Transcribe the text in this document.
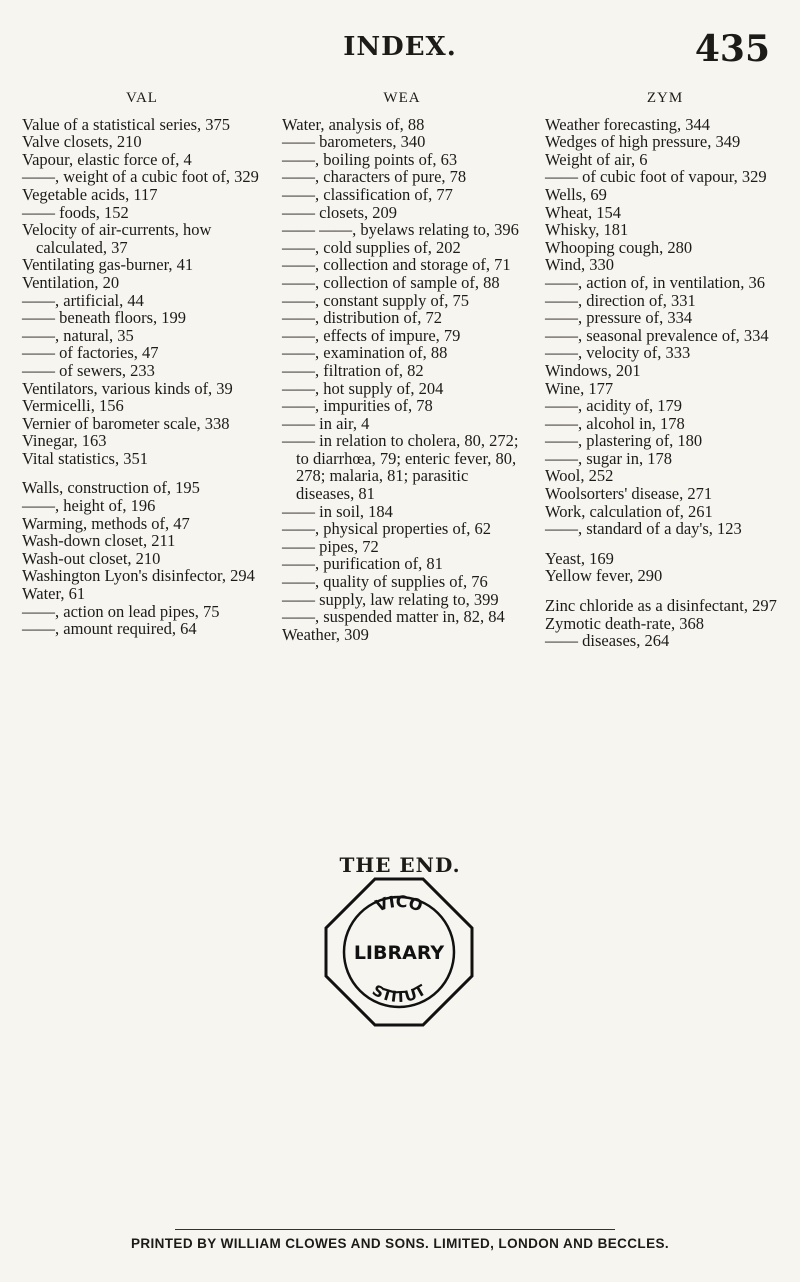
INDEX.	435
VAL

Value of a statistical series, 375

Valve closets, 210

Vapour, elastic force of, 4

——, weight of a cubic foot of, 329

Vegetable acids, 117

—— foods, 152

Velocity of air-currents, how calculated, 37

Ventilating gas-burner, 41

Ventilation, 20

——, artificial, 44

—— beneath floors, 199

——, natural, 35

—— of factories, 47

—— of sewers, 233

Ventilators, various kinds of, 39

Vermicelli, 156

Vernier of barometer scale, 338

Vinegar, 163

Vital statistics, 351

Walls, construction of, 195

——, height of, 196

Warming, methods of, 47

Wash-down closet, 211

Wash-out closet, 210

Washington Lyon's disinfector, 294

Water, 61

——, action on lead pipes, 75

——, amount required, 64

WEA

Water, analysis of, 88

—— barometers, 340

——, boiling points of, 63

——, characters of pure, 78

——, classification of, 77

—— closets, 209

—— ——, byelaws relating to, 396

——, cold supplies of, 202

——, collection and storage of, 71

——, collection of sample of, 88

——, constant supply of, 75

——, distribution of, 72

——, effects of impure, 79

——, examination of, 88

——, filtration of, 82

——, hot supply of, 204

——, impurities of, 78

—— in air, 4

—— in relation to cholera, 80, 272; to diarrhœa, 79; enteric fever, 80, 278; malaria, 81; parasitic diseases, 81

—— in soil, 184

——, physical properties of, 62

—— pipes, 72

——, purification of, 81

——, quality of supplies of, 76

—— supply, law relating to, 399

——, suspended matter in, 82, 84

Weather, 309

ZYM

Weather forecasting, 344

Wedges of high pressure, 349

Weight of air, 6

—— of cubic foot of vapour, 329

Wells, 69

Wheat, 154

Whisky, 181

Whooping cough, 280

Wind, 330

——, action of, in ventilation, 36

——, direction of, 331

——, pressure of, 334

——, seasonal prevalence of, 334

——, velocity of, 333

Windows, 201

Wine, 177

——, acidity of, 179

——, alcohol in, 178

——, plastering of, 180

——, sugar in, 178

Wool, 252

Woolsorters' disease, 271

Work, calculation of, 261

——, standard of a day's, 123

Yeast, 169

Yellow fever, 290

Zinc chloride as a disinfectant, 297

Zymotic death-rate, 368

—— diseases, 264

THE END.
VICO
LIBRARY
STITUT
PRINTED BY WILLIAM CLOWES AND SONS. LIMITED, LONDON AND BECCLES.
